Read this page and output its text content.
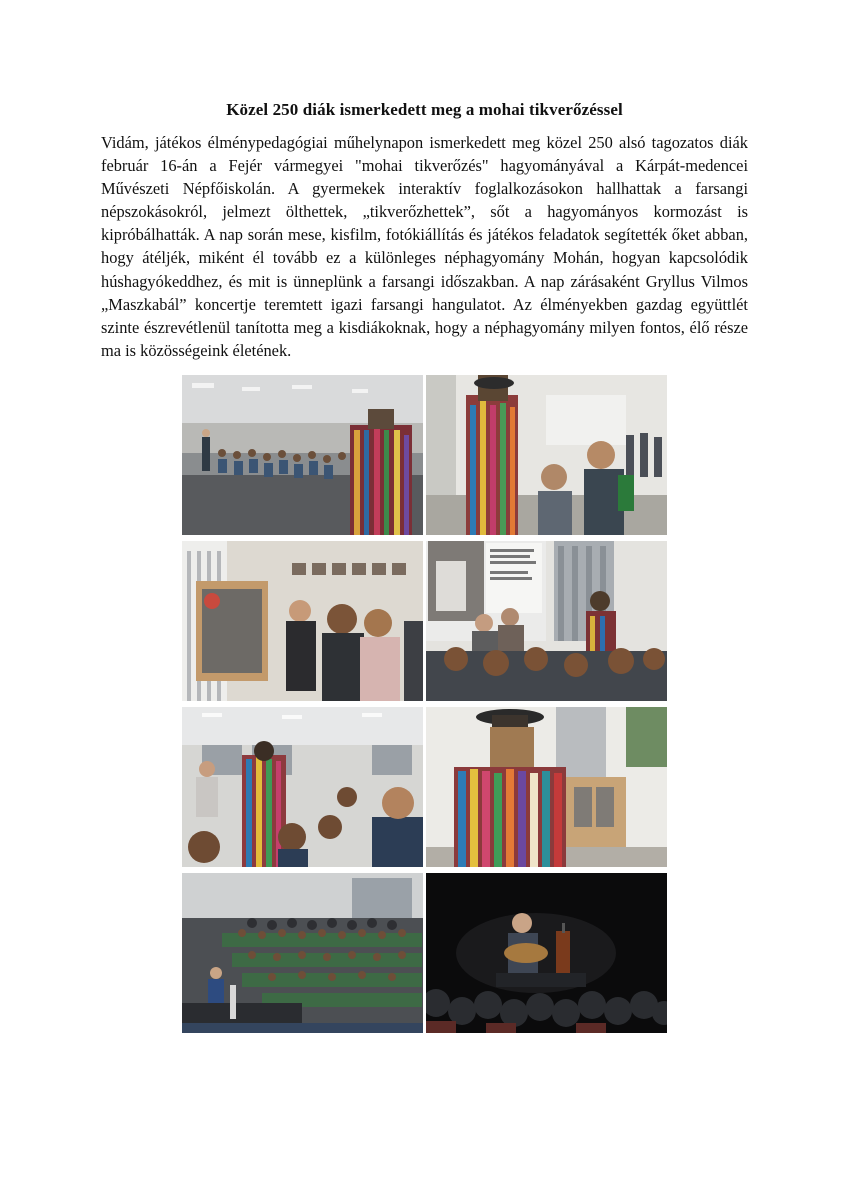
Közel 250 diák ismerkedett meg a mohai tikverőzéssel
Vidám, játékos élménypedagógiai műhelynapon ismerkedett meg közel 250 alsó tagozatos diák február 16-án a Fejér vármegyei "mohai tikverőzés" hagyományával a Kárpát-medencei Művészeti Népfőiskolán. A gyermekek interaktív foglalkozásokon hallhattak a farsangi népszokásokról, jelmezt ölthettek, „tikverőzhettek”, sőt a hagyományos kormozást is kipróbálhatták. A nap során mese, kisfilm, fotókiállítás és játékos feladatok segítették őket abban, hogy átéljék, miként él tovább ez a különleges néphagyomány Mohán, hogyan kapcsolódik húshagyókeddhez, és mit is ünneplünk a farsangi időszakban. A nap zárásaként Gryllus Vilmos „Maszkabál” koncertje teremtett igazi farsangi hangulatot. Az élményekben gazdag együttlét szinte észrevétlenül tanította meg a kisdiákoknak, hogy a néphagyomány milyen fontos, élő része ma is közösségeink életének.
